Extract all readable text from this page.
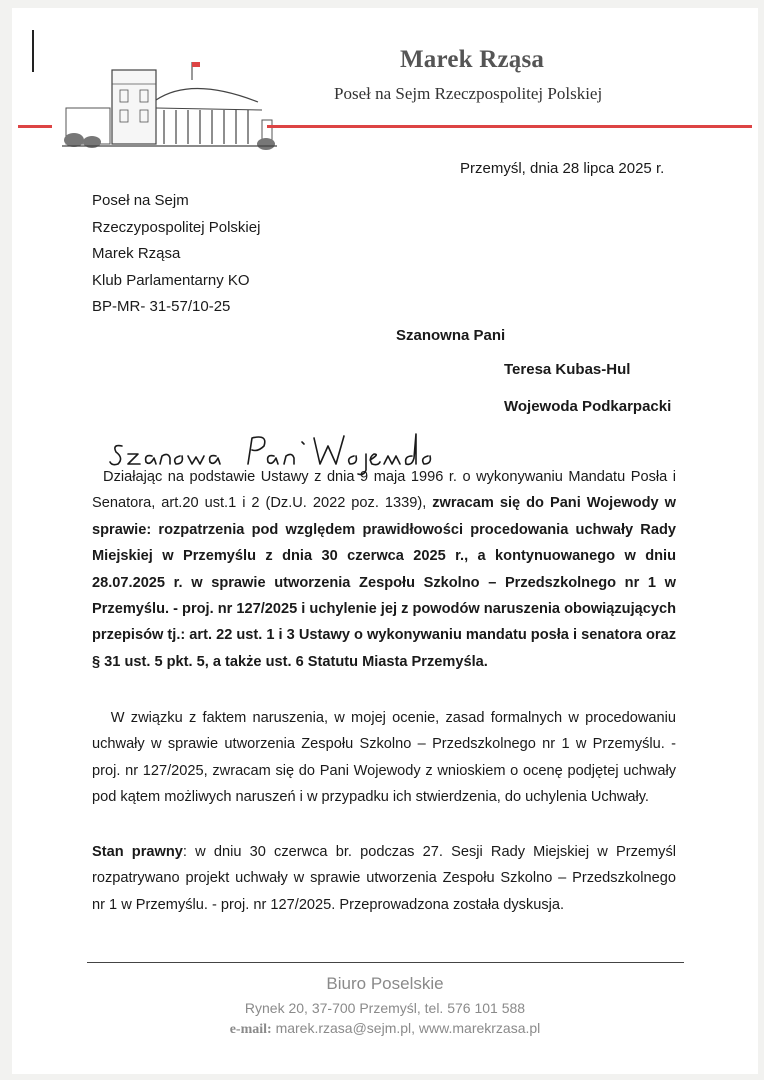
Marek Rząsa
Poseł na Sejm Rzeczpospolitej Polskiej
Przemyśl, dnia 28 lipca 2025 r.
Poseł na Sejm
Rzeczypospolitej Polskiej
Marek Rząsa
Klub Parlamentarny KO
BP-MR- 31-57/10-25
Szanowna Pani
Teresa Kubas-Hul
Wojewoda Podkarpacki
Działając na podstawie Ustawy z dnia 9 maja 1996 r. o wykonywaniu Mandatu Posła i Senatora, art.20 ust.1 i 2 (Dz.U. 2022 poz. 1339), zwracam się do Pani Wojewody w sprawie: rozpatrzenia pod względem prawidłowości procedowania uchwały Rady Miejskiej w Przemyślu z dnia 30 czerwca 2025 r., a kontynuowanego w dniu 28.07.2025 r. w sprawie utworzenia Zespołu Szkolno – Przedszkolnego nr 1 w Przemyślu. - proj. nr 127/2025 i uchylenie jej z powodów naruszenia obowiązujących przepisów tj.: art. 22 ust. 1 i 3 Ustawy o wykonywaniu mandatu posła i senatora oraz § 31 ust. 5 pkt. 5, a także ust. 6 Statutu Miasta Przemyśla.
W związku z faktem naruszenia, w mojej ocenie, zasad formalnych w procedowaniu uchwały w sprawie utworzenia Zespołu Szkolno – Przedszkolnego nr 1 w Przemyślu. - proj. nr 127/2025, zwracam się do Pani Wojewody z wnioskiem o ocenę podjętej uchwały pod kątem możliwych naruszeń i w przypadku ich stwierdzenia, do uchylenia Uchwały.
Stan prawny: w dniu 30 czerwca br. podczas 27. Sesji Rady Miejskiej w Przemyśl rozpatrywano projekt uchwały w sprawie utworzenia Zespołu Szkolno – Przedszkolnego nr 1 w Przemyślu. - proj. nr 127/2025. Przeprowadzona została dyskusja.
Biuro Poselskie
Rynek 20, 37-700 Przemyśl, tel. 576 101 588
e-mail: marek.rzasa@sejm.pl, www.marekrzasa.pl
